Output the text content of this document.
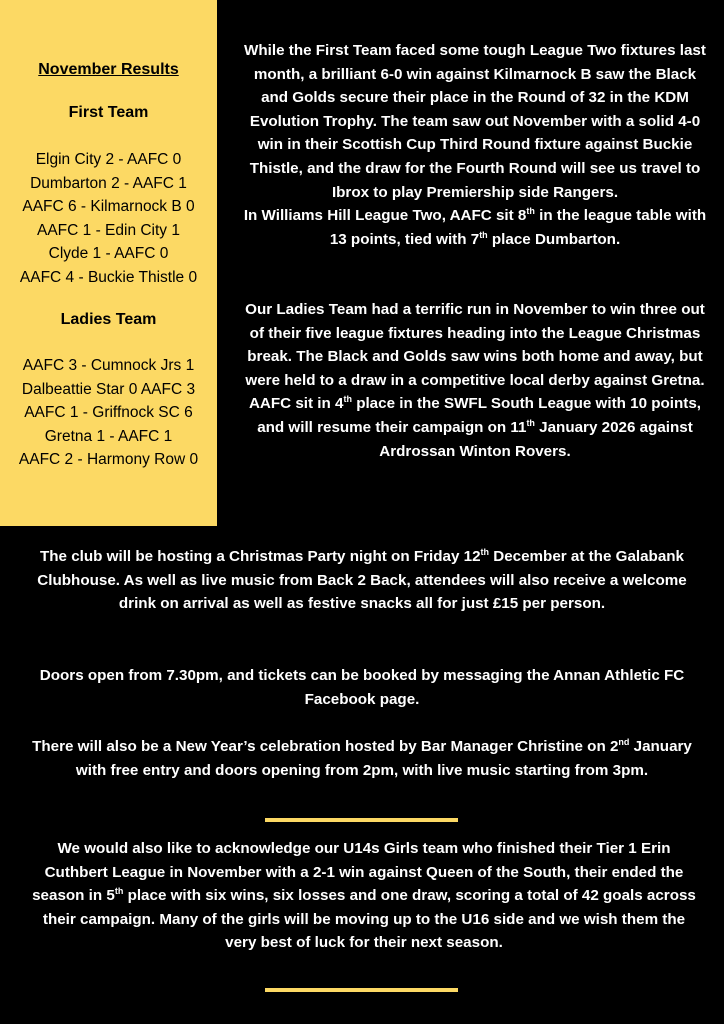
November Results
First Team
Elgin City 2 - AAFC 0
Dumbarton 2 - AAFC 1
AAFC 6 - Kilmarnock B 0
AAFC 1 - Edin City 1
Clyde 1 - AAFC 0
AAFC 4 - Buckie Thistle 0
Ladies Team
AAFC 3 - Cumnock Jrs 1
Dalbeattie Star 0 AAFC 3
AAFC 1 - Griffnock SC 6
Gretna 1 - AAFC 1
AAFC 2 - Harmony Row 0

While the First Team faced some tough League Two fixtures last month, a brilliant 6-0 win against Kilmarnock B saw the Black and Golds secure their place in the Round of 32 in the KDM Evolution Trophy. The team saw out November with a solid 4-0 win in their Scottish Cup Third Round fixture against Buckie Thistle, and the draw for the Fourth Round will see us travel to Ibrox to play Premiership side Rangers.
In Williams Hill League Two, AAFC sit 8th in the league table with 13 points, tied with 7th place Dumbarton.

Our Ladies Team had a terrific run in November to win three out of their five league fixtures heading into the League Christmas break. The Black and Golds saw wins both home and away, but were held to a draw in a competitive local derby against Gretna.
AAFC sit in 4th place in the SWFL South League with 10 points, and will resume their campaign on 11th January 2026 against Ardrossan Winton Rovers.

The club will be hosting a Christmas Party night on Friday 12th December at the Galabank Clubhouse. As well as live music from Back 2 Back, attendees will also receive a welcome drink on arrival as well as festive snacks all for just £15 per person.

Doors open from 7.30pm, and tickets can be booked by messaging the Annan Athletic FC Facebook page.

There will also be a New Year’s celebration hosted by Bar Manager Christine on 2nd January with free entry and doors opening from 2pm, with live music starting from 3pm.

We would also like to acknowledge our U14s Girls team who finished their Tier 1 Erin Cuthbert League in November with a 2-1 win against Queen of the South, their ended the season in 5th place with six wins, six losses and one draw, scoring a total of 42 goals across their campaign. Many of the girls will be moving up to the U16 side and we wish them the very best of luck for their next season.
